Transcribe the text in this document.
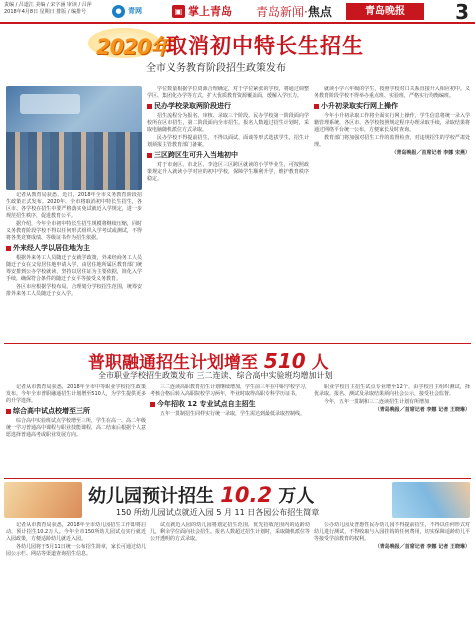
责编 / 吕道江 美编 / 宋字涵 审读 / 吕萍
2018年4月8日 星期日 排版 / 编排号	● 青网	▣ 掌上青岛 青岛新闻·焦点	青岛晚报	3
2020年
取消初中特长生招生
全市义务教育阶段招生政策发布

记者从教育局获悉，近日，2018年全市义务教育阶段招生政策正式发布。2020年，全市将取消初中特长生招生，各区市、各学校在招生中要严格落实免试就近入学规定，进一步规范招生秩序，促进教育公平。

据介绍，今年全市初中特长生招生规模将继续压缩，同时义务教育阶段学校不得以任何形式组织入学考试或测试，不得将各类竞赛成绩、等级证书作为招生依据。

外来经人学以居住地为主

根据外来务工人员随迁子女就学政策，外来经商务工人员随迁子女在父母居住地申请入学，由居住地所属区教育部门统筹安排到公办学校就读，坚持以居住证为主要依据，简化入学手续，确保符合条件的随迁子女平等接受义务教育。

各区市应根据学校布局，合理划分学校招生范围，统筹安排外来务工人员随迁子女入学。

学位数量根据学位资源合理确定，对于学位紧张的学校，将通过调整学区、集团化办学等方式，扩大优质教育资源覆盖面，缓解入学压力。

民办学校录取两阶段进行

招生流程分为报名、审核、录取三个阶段。民办学校第一阶段面向学校所在区市招生，第二阶段面向全市招生。报名人数超过招生计划时，采取电脑随机派位方式录取。

民办学校不得提前招生，不得以面试、面谈等形式选拔学生，招生计划须报主管教育部门备案。

三区跨区生可升入当地初中

对于市南区、市北区、李沧区三区跨区就读的小学毕业生，可按照政策规定升入就读小学对应的初中学校，保障学生顺利升学，维护教育秩序稳定。

就读小学六年级的学生，按照学校对口关系直接升入相应初中。义务教育阶段学校不得举办重点班、实验班，严格实行均衡编班。

小升初录取实行网上操作

今年小升初录取工作将全面实行网上操作，学生信息将统一录入学籍管理系统，各区市、各学校按照规定程序办理录取手续，录取结果将通过网络平台统一公布，方便家长及时查询。

教育部门将加强对招生工作的监督检查，对违规招生的学校严肃处理。

（青岛晚报／首席记者 李娜 宋燕）

普职融通招生计划增至 510 人
全市职业学校招生政策发布 三二连读、综合高中实验班均增加计划

记者从市教育局获悉，2018年全市中等职业学校招生政策发布。今年全市普职融通招生计划增至510人，为学生提供更多的升学选择。

综合高中试点校增至三所

综合高中实验班试点学校增至三所，学生在高一、高二年级统一学习普通高中课程与职业技能课程，高二结束后根据个人意愿选择普通高考或职业发展方向。

三二连读高职教育招生计划继续增加，学生前三年在中职学校学习，考核合格后转入高职院校学习两年，毕业时取得高职专科学历证书。

今年招收 12 专业试点自主招生

五年一贯制招生同样实行统一录取，学生需达到最低录取控制线。

职业学校自主招生试点专业增至12个，由学校自主组织测试，择优录取。报名、测试及录取结果须向社会公示，接受社会监督。

今年，五年一贯制和三二连读招生计划有所增加

（青岛晚报／首席记者 李娜 记者 王晓琳）

幼儿园预计招生 10.2 万人
150 所幼儿园试点就近入园 5 月 11 日各园公布招生简章

记者从市教育局获悉，2018年全市幼儿园招生工作即将启动，预计招生10.2万人。今年全市150所幼儿园试点实行就近入园政策，方便适龄幼儿就近入园。

各幼儿园将于5月11日统一公布招生简章，家长可通过幼儿园公示栏、网站等渠道查询招生信息。

试点就近入园的幼儿园将划定招生范围，优先招收范围内的适龄幼儿，剩余学位面向社会招生。报名人数超过招生计划时，采取随机派位等公开透明的方式录取。

公办幼儿园及普惠性民办幼儿园不得提前招生，不得以任何形式对幼儿进行测试，不得收取与入园挂钩的任何费用，切实保障适龄幼儿平等接受学前教育的权利。

（青岛晚报／首席记者 李娜 记者 王晓琳）
